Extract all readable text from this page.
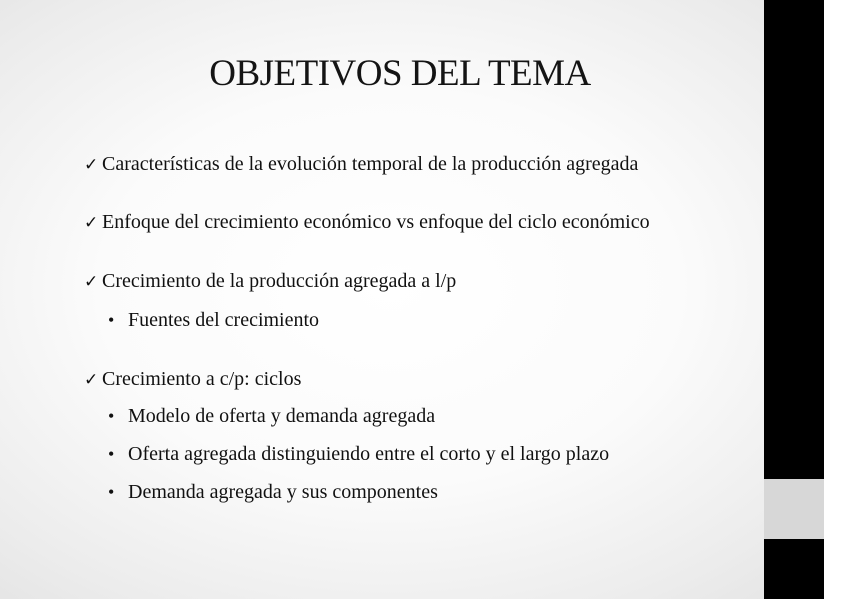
OBJETIVOS DEL TEMA
✓ Características de la evolución temporal de la producción agregada
✓ Enfoque del crecimiento económico vs enfoque del ciclo económico
✓ Crecimiento de la producción agregada a l/p
• Fuentes del crecimiento
✓ Crecimiento a c/p: ciclos
• Modelo de oferta y demanda agregada
• Oferta agregada distinguiendo entre el corto y el largo plazo
• Demanda agregada y sus componentes
